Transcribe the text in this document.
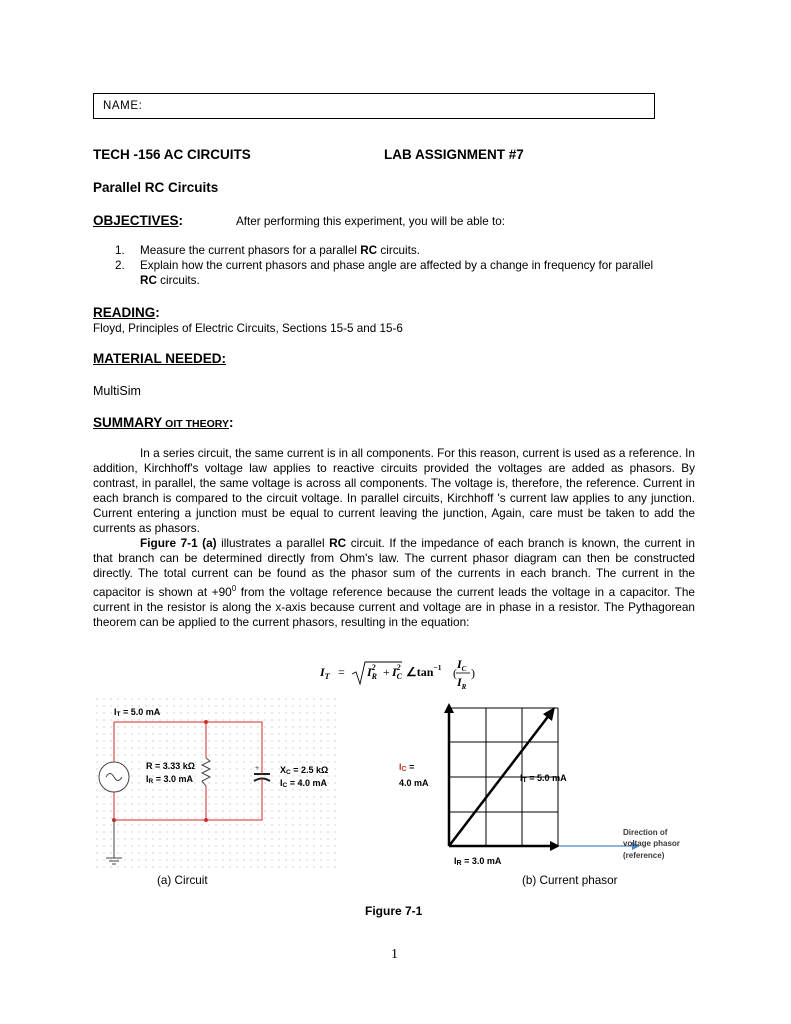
NAME:
TECH -156 AC CIRCUITS	LAB ASSIGNMENT #7
Parallel RC Circuits
OBJECTIVES:	After performing this experiment, you will be able to:
1. Measure the current phasors for a parallel RC circuits.
2. Explain how the current phasors and phase angle are affected by a change in frequency for parallel RC circuits.
READING:
Floyd, Principles of Electric Circuits, Sections 15-5 and 15-6
MATERIAL NEEDED:
MultiSim
SUMMARY OIT THEORY:

In a series circuit, the same current is in all components. For this reason, current is used as a reference. In addition, Kirchhoff's voltage law applies to reactive circuits provided the voltages are added as phasors. By contrast, in parallel, the same voltage is across all components. The voltage is, therefore, the reference. Current in each branch is compared to the circuit voltage. In parallel circuits, Kirchhoff 's current law applies to any junction. Current entering a junction must be equal to current leaving the junction, Again, care must be taken to add the currents as phasors.

Figure 7-1 (a) illustrates a parallel RC circuit. If the impedance of each branch is known, the current in that branch can be determined directly from Ohm's law. The current phasor diagram can then be constructed directly. The total current can be found as the phasor sum of the currents in each branch. The current in the capacitor is shown at $+90^0$ from the voltage reference because the current leads the voltage in a capacitor. The current in the resistor is along the x-axis because current and voltage are in phase in a resistor. The Pythagorean theorem can be applied to the current phasors, resulting in the equation:

$I_T = I^2$ $R + I^2$ C $\angle\tan^{-1}$ (
$I_C$
$I_R$
)
IT = 5.0 mA
+
R = 3.33 kΩ
IR = 3.0 mA
XC = 2.5 kΩ
IC = 4.0 mA
IC =
4.0 mA	IT = 5.0 mA
IR = 3.0 mA
Direction of
voltage phasor
(reference)
(a) Circuit	(b) Current phasor
Figure 7-1
1
